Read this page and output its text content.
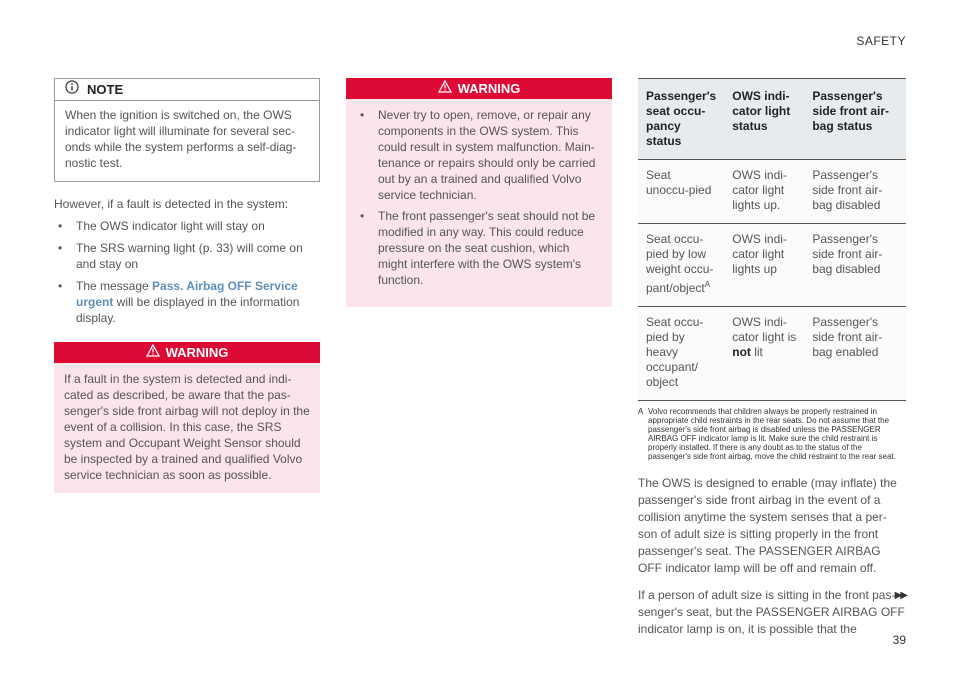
SAFETY
NOTE
When the ignition is switched on, the OWS indicator light will illuminate for several sec-onds while the system performs a self-diag-nostic test.
However, if a fault is detected in the system:
• The OWS indicator light will stay on
• The SRS warning light (p. 33) will come on and stay on
• The message Pass. Airbag OFF Service urgent will be displayed in the information display.
WARNING
If a fault in the system is detected and indi-cated as described, be aware that the pas-senger's side front airbag will not deploy in the event of a collision. In this case, the SRS system and Occupant Weight Sensor should be inspected by a trained and qualified Volvo service technician as soon as possible.
WARNING
• Never try to open, remove, or repair any components in the OWS system. This could result in system malfunction. Main-tenance or repairs should only be carried out by an a trained and qualified Volvo service technician.
• The front passenger's seat should not be modified in any way. This could reduce pressure on the seat cushion, which might interfere with the OWS system's function.
Passenger's seat occu-pancy status	OWS indi-cator light status	Passenger's side front air-bag status
Seat unoccu-pied	OWS indi-cator light lights up.	Passenger's side front air-bag disabled
Seat occu-pied by low weight occu-pant/object$^A$	OWS indi-cator light lights up	Passenger's side front air-bag disabled
Seat occu-pied by heavy occupant/ object	OWS indi-cator light is not lit	Passenger's side front air-bag enabled
A Volvo recommends that children always be properly restrained in appropriate child restraints in the rear seats. Do not assume that the passenger's side front airbag is disabled unless the PASSENGER AIRBAG OFF indicator lamp is lit. Make sure the child restraint is properly installed. If there is any doubt as to the status of the passenger's side front airbag, move the child restraint to the rear seat.
The OWS is designed to enable (may inflate) the passenger's side front airbag in the event of a collision anytime the system senses that a per-son of adult size is sitting properly in the front passenger's seat. The PASSENGER AIRBAG OFF indicator lamp will be off and remain off.
If a person of adult size is sitting in the front pas-senger's seat, but the PASSENGER AIRBAG OFF indicator lamp is on, it is possible that the
▶▶
39
